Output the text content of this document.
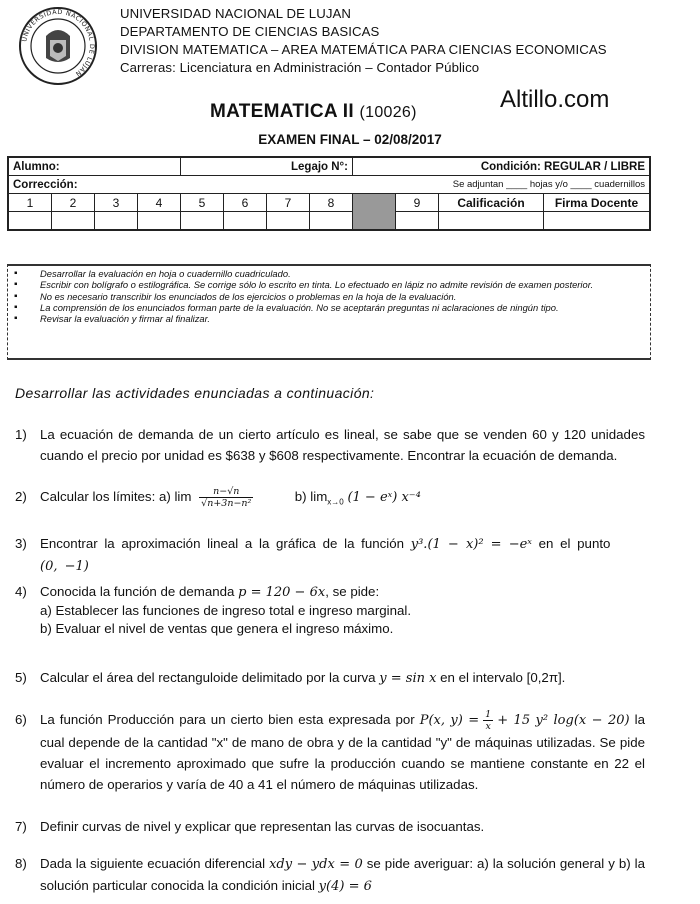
UNIVERSIDAD NACIONAL DE LUJAN
UNIVERSIDAD NACIONAL DE LUJAN
DEPARTAMENTO DE CIENCIAS BASICAS
DIVISION MATEMATICA – AREA MATEMÁTICA PARA CIENCIAS ECONOMICAS
Carreras: Licenciatura en Administración – Contador Público
Altillo.com
MATEMATICA II (10026)
EXAMEN FINAL – 02/08/2017
Alumno:				Legajo N°:				Condición: REGULAR / LIBRE			
Corrección:						Se adjuntan ____ hojas y/o ____ cuadernillos					
1	2	3	4	5	6	7	8		9	Calificación	Firma Docente

▪ Desarrollar la evaluación en hoja o cuadernillo cuadriculado.
▪ Escribir con bolígrafo o estilográfica. Se corrige sólo lo escrito en tinta. Lo efectuado en lápiz no admite revisión de examen posterior.
▪ No es necesario transcribir los enunciados de los ejercicios o problemas en la hoja de la evaluación.
▪ La comprensión de los enunciados forman parte de la evaluación. No se aceptarán preguntas ni aclaraciones de ningún tipo.
▪ Revisar la evaluación y firmar al finalizar.
Desarrollar las actividades enunciadas a continuación:
1) La ecuación de demanda de un cierto artículo es lineal, se sabe que se venden 60 y 120 unidades cuando el precio por unidad es $638 y $608 respectivamente. Encontrar la ecuación de demanda.
2) Calcular los límites: a) $\lim \frac{n-√n}{\text{√n+3n−n²}}$	b) $\lim_{x\to 0} (1$ − eˣ) x⁻⁴
3) Encontrar la aproximación lineal a la gráfica de la función y³.(1 − x)² = −eˣ en el punto
(0, −1)
4) Conocida la función de demanda p = 120 − 6x, se pide:
a) Establecer las funciones de ingreso total e ingreso marginal.
b) Evaluar el nivel de ventas que genera el ingreso máximo.
5) Calcular el área del rectanguloide delimitado por la curva y = sin x en el intervalo [0,2π].
6) La función Producción para un cierto bien esta expresada por P(x, $y) = \frac{1}{x} + 15$ y² log(x − 20) la cual depende de la cantidad "x" de mano de obra y de la cantidad "y" de máquinas utilizadas. Se pide evaluar el incremento aproximado que sufre la producción cuando se mantiene constante en 22 el número de operarios y varía de 40 a 41 el número de máquinas utilizadas.
7) Definir curvas de nivel y explicar que representan las curvas de isocuantas.
8) Dada la siguiente ecuación diferencial xdy − ydx = 0 se pide averiguar: a) la solución general y b) la solución particular conocida la condición inicial y(4) = 6
